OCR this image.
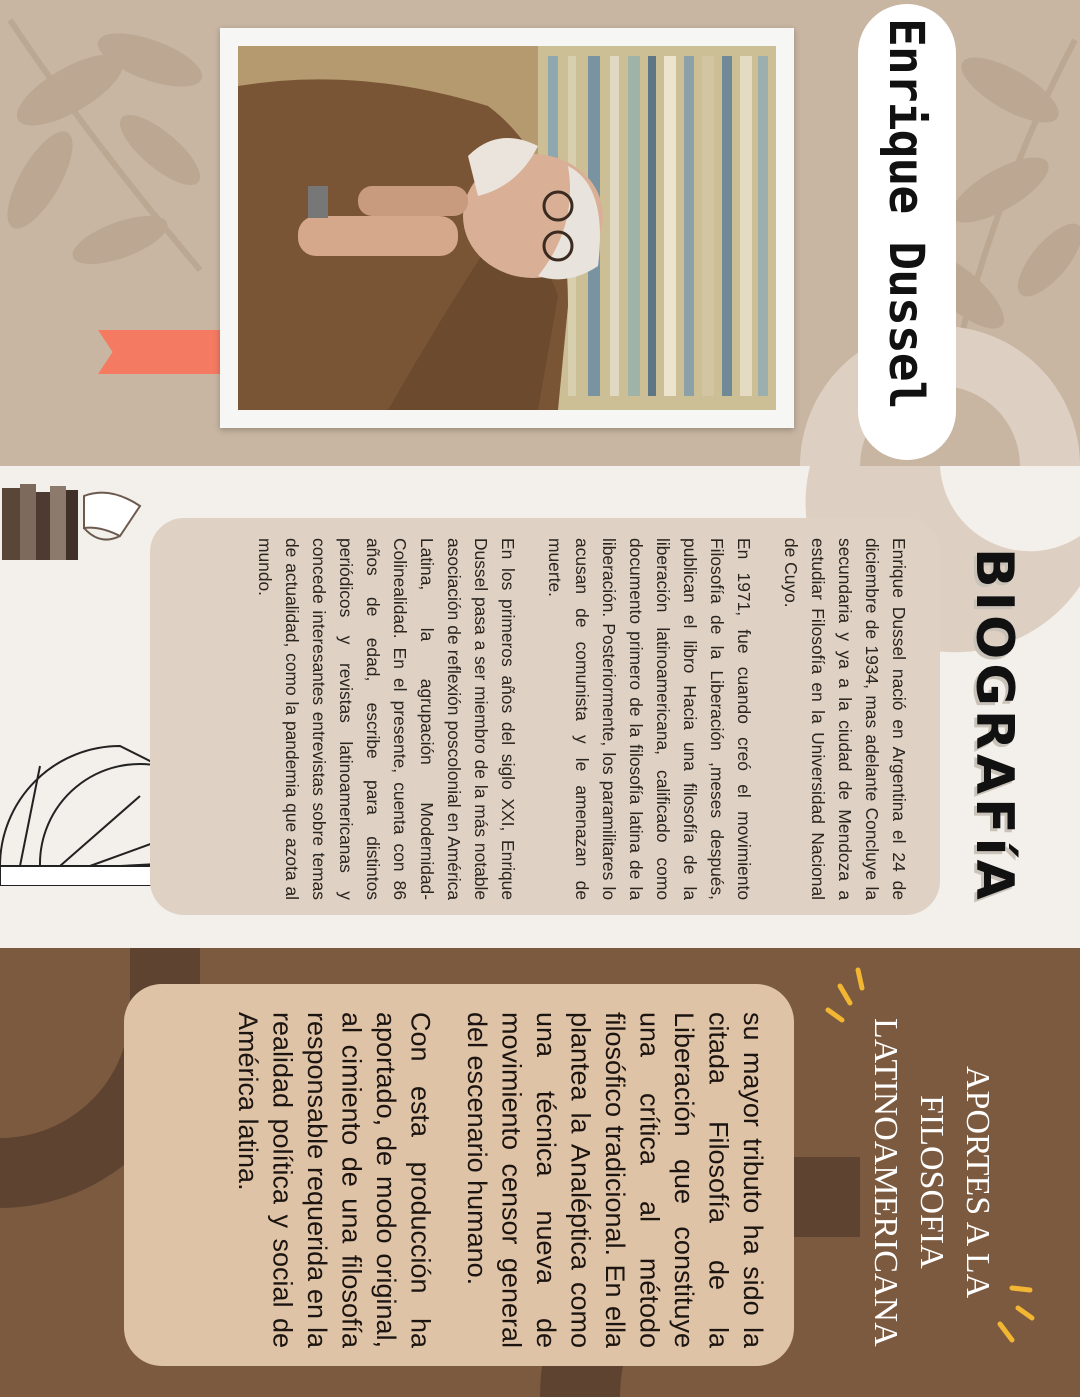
Enrique Dussel
BIOGRAFíA

Enrique Dussel nació en Argentina el 24 de diciembre de 1934, mas adelante Concluye la secundaria y ya a la ciudad de Mendoza a estudiar Filosofía en la Universidad Nacional de Cuyo.

En 1971, fue cuando creó el movimiento Filosofía de la Liberación ,meses después, publican el libro Hacia una filosofía de la liberación latinoamericana, calificado como documento primero de la filosofía latina de la liberación. Posteriormente, los paramilitares lo acusan de comunista y le amenazan de muerte.

En los primeros años del siglo XXI, Enrique Dussel pasa a ser miembro de la más notable asociación de reflexión poscolonial en América Latina, la agrupación Modernidad-Colinealidad. En el presente, cuenta con 86 años de edad, escribe para distintos periódicos y revistas latinoamericanas y concede interesantes entrevistas sobre temas de actualidad, como la pandemia que azota al mundo.

APORTES A LA FILOSOFIA LATINOAMERICANA

su mayor tributo ha sido la citada Filosofía de la Liberación que constituye una crítica al método filosófico tradicional. En ella plantea la Analéptica como una técnica nueva de movimiento censor general del escenario humano.

Con esta producción ha aportado, de modo original, al cimiento de una filosofía responsable requerida en la realidad política y social de América latina.
